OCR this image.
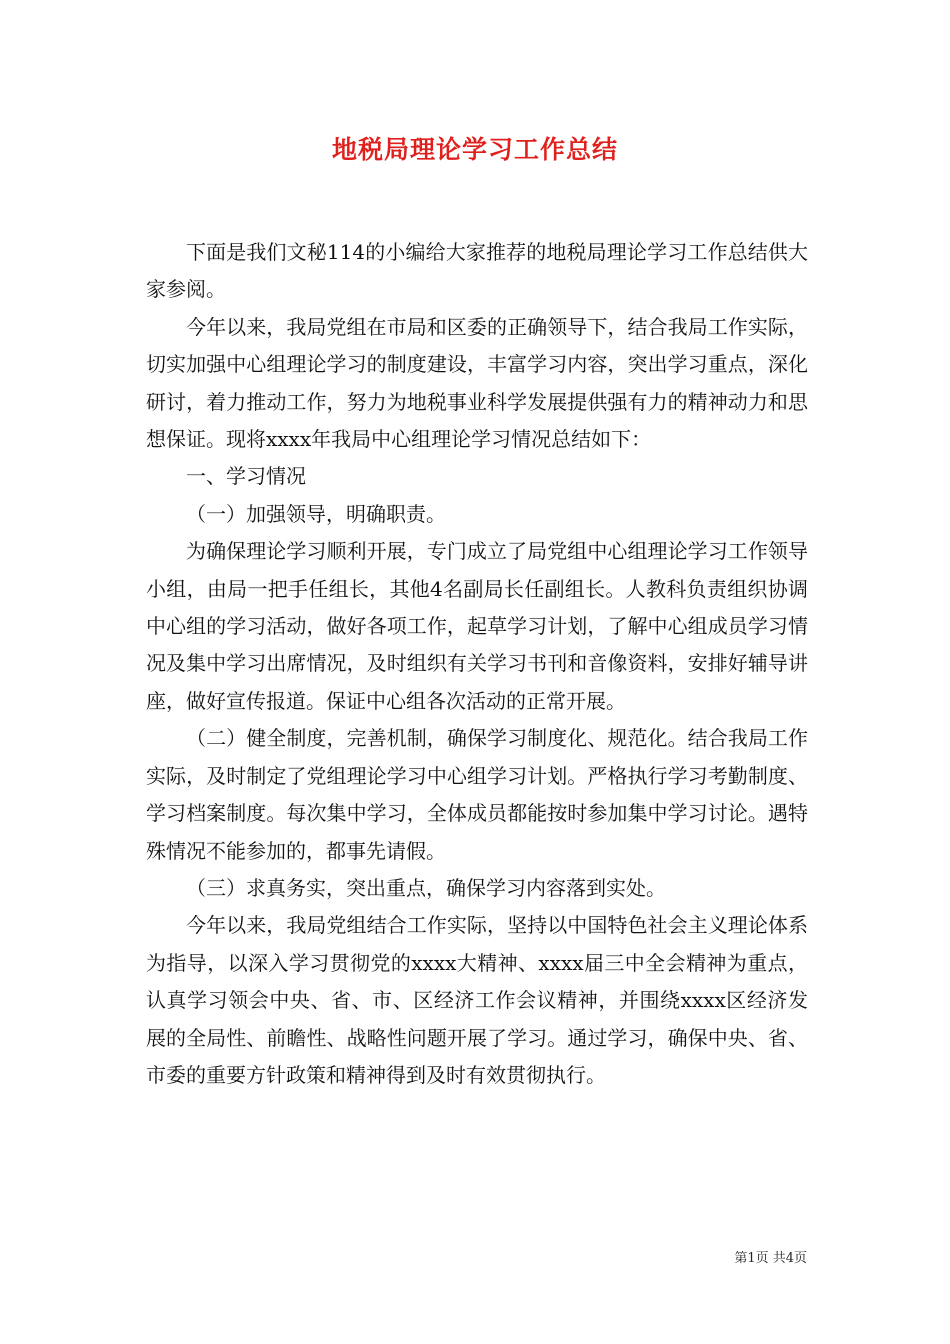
地税局理论学习工作总结

下面是我们文秘114的小编给大家推荐的地税局理论学习工作总结供大家参阅。

今年以来，我局党组在市局和区委的正确领导下，结合我局工作实际，切实加强中心组理论学习的制度建设，丰富学习内容，突出学习重点，深化研讨，着力推动工作，努力为地税事业科学发展提供强有力的精神动力和思想保证。现将xxxx年我局中心组理论学习情况总结如下：

一、学习情况

（一）加强领导，明确职责。

为确保理论学习顺利开展，专门成立了局党组中心组理论学习工作领导小组，由局一把手任组长，其他4名副局长任副组长。人教科负责组织协调中心组的学习活动，做好各项工作，起草学习计划，了解中心组成员学习情况及集中学习出席情况，及时组织有关学习书刊和音像资料，安排好辅导讲座，做好宣传报道。保证中心组各次活动的正常开展。

（二）健全制度，完善机制，确保学习制度化、规范化。结合我局工作实际，及时制定了党组理论学习中心组学习计划。严格执行学习考勤制度、学习档案制度。每次集中学习，全体成员都能按时参加集中学习讨论。遇特殊情况不能参加的，都事先请假。

（三）求真务实，突出重点，确保学习内容落到实处。

今年以来，我局党组结合工作实际，坚持以中国特色社会主义理论体系为指导，以深入学习贯彻党的xxxx大精神、xxxx届三中全会精神为重点，认真学习领会中央、省、市、区经济工作会议精神，并围绕xxxx区经济发展的全局性、前瞻性、战略性问题开展了学习。通过学习，确保中央、省、市委的重要方针政策和精神得到及时有效贯彻执行。

第1页 共4页
